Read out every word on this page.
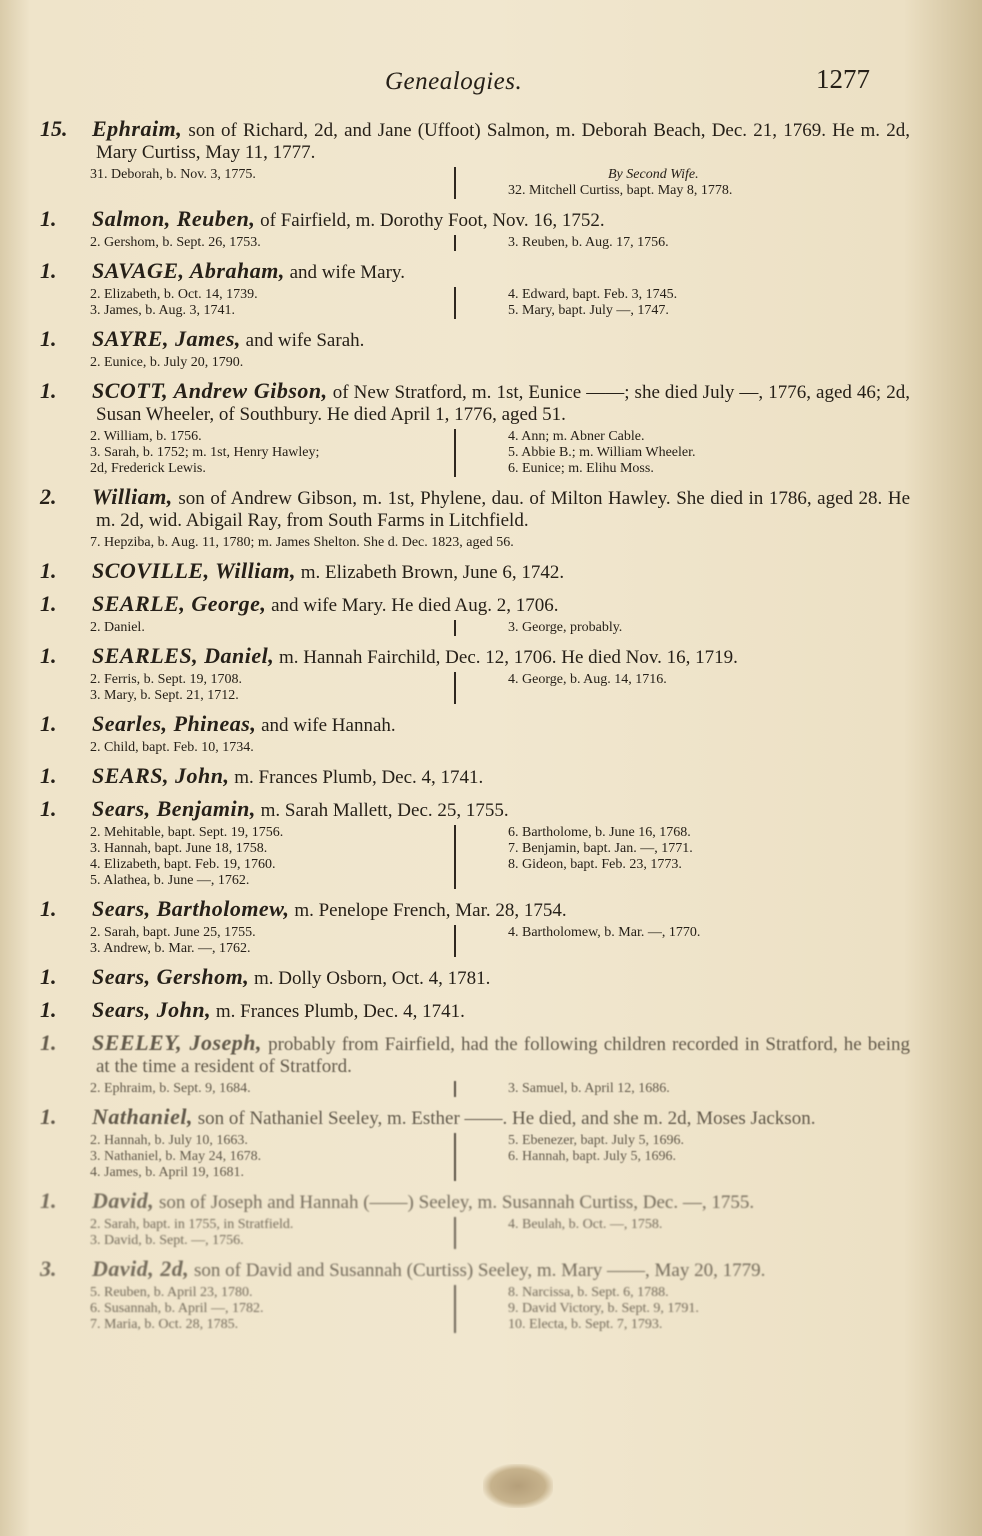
Genealogies.	1277
15. Ephraim, son of Richard, 2d, and Jane (Uffoot) Salmon, m. Deborah Beach, Dec. 21, 1769. He m. 2d, Mary Curtiss, May 11, 1777.
31. Deborah, b. Nov. 3, 1775.	By Second Wife.
32. Mitchell Curtiss, bapt. May 8, 1778.
1. Salmon, Reuben, of Fairfield, m. Dorothy Foot, Nov. 16, 1752.
2. Gershom, b. Sept. 26, 1753.	3. Reuben, b. Aug. 17, 1756.
1. SAVAGE, Abraham, and wife Mary.
2. Elizabeth, b. Oct. 14, 1739.
3. James, b. Aug. 3, 1741.
4. Edward, bapt. Feb. 3, 1745.
5. Mary, bapt. July —, 1747.
1. SAYRE, James, and wife Sarah.
2. Eunice, b. July 20, 1790.
1. SCOTT, Andrew Gibson, of New Stratford, m. 1st, Eunice ——; she died July —, 1776, aged 46; 2d, Susan Wheeler, of Southbury. He died April 1, 1776, aged 51.
2. William, b. 1756.
3. Sarah, b. 1752; m. 1st, Henry Hawley;
2d, Frederick Lewis.
4. Ann; m. Abner Cable.
5. Abbie B.; m. William Wheeler.
6. Eunice; m. Elihu Moss.
2. William, son of Andrew Gibson, m. 1st, Phylene, dau. of Milton Hawley. She died in 1786, aged 28. He m. 2d, wid. Abigail Ray, from South Farms in Litchfield.
7. Hepziba, b. Aug. 11, 1780; m. James Shelton. She d. Dec. 1823, aged 56.
1. SCOVILLE, William, m. Elizabeth Brown, June 6, 1742.
1. SEARLE, George, and wife Mary. He died Aug. 2, 1706.
2. Daniel.	3. George, probably.
1. SEARLES, Daniel, m. Hannah Fairchild, Dec. 12, 1706. He died Nov. 16, 1719.
2. Ferris, b. Sept. 19, 1708.
3. Mary, b. Sept. 21, 1712.
4. George, b. Aug. 14, 1716.
1. Searles, Phineas, and wife Hannah.
2. Child, bapt. Feb. 10, 1734.
1. SEARS, John, m. Frances Plumb, Dec. 4, 1741.
1. Sears, Benjamin, m. Sarah Mallett, Dec. 25, 1755.
2. Mehitable, bapt. Sept. 19, 1756.
3. Hannah, bapt. June 18, 1758.
4. Elizabeth, bapt. Feb. 19, 1760.
5. Alathea, b. June —, 1762.
6. Bartholome, b. June 16, 1768.
7. Benjamin, bapt. Jan. —, 1771.
8. Gideon, bapt. Feb. 23, 1773.
1. Sears, Bartholomew, m. Penelope French, Mar. 28, 1754.
2. Sarah, bapt. June 25, 1755.
3. Andrew, b. Mar. —, 1762.
4. Bartholomew, b. Mar. —, 1770.
1. Sears, Gershom, m. Dolly Osborn, Oct. 4, 1781.
1. Sears, John, m. Frances Plumb, Dec. 4, 1741.
1. SEELEY, Joseph, probably from Fairfield, had the following children recorded in Stratford, he being at the time a resident of Stratford.
2. Ephraim, b. Sept. 9, 1684.	3. Samuel, b. April 12, 1686.
1. Nathaniel, son of Nathaniel Seeley, m. Esther ——. He died, and she m. 2d, Moses Jackson.
2. Hannah, b. July 10, 1663.
3. Nathaniel, b. May 24, 1678.
4. James, b. April 19, 1681.
5. Ebenezer, bapt. July 5, 1696.
6. Hannah, bapt. July 5, 1696.
1. David, son of Joseph and Hannah (——) Seeley, m. Susannah Curtiss, Dec. —, 1755.
2. Sarah, bapt. in 1755, in Stratfield.
3. David, b. Sept. —, 1756.
4. Beulah, b. Oct. —, 1758.
3. David, 2d, son of David and Susannah (Curtiss) Seeley, m. Mary ——, May 20, 1779.
5. Reuben, b. April 23, 1780.
6. Susannah, b. April —, 1782.
7. Maria, b. Oct. 28, 1785.
8. Narcissa, b. Sept. 6, 1788.
9. David Victory, b. Sept. 9, 1791.
10. Electa, b. Sept. 7, 1793.
